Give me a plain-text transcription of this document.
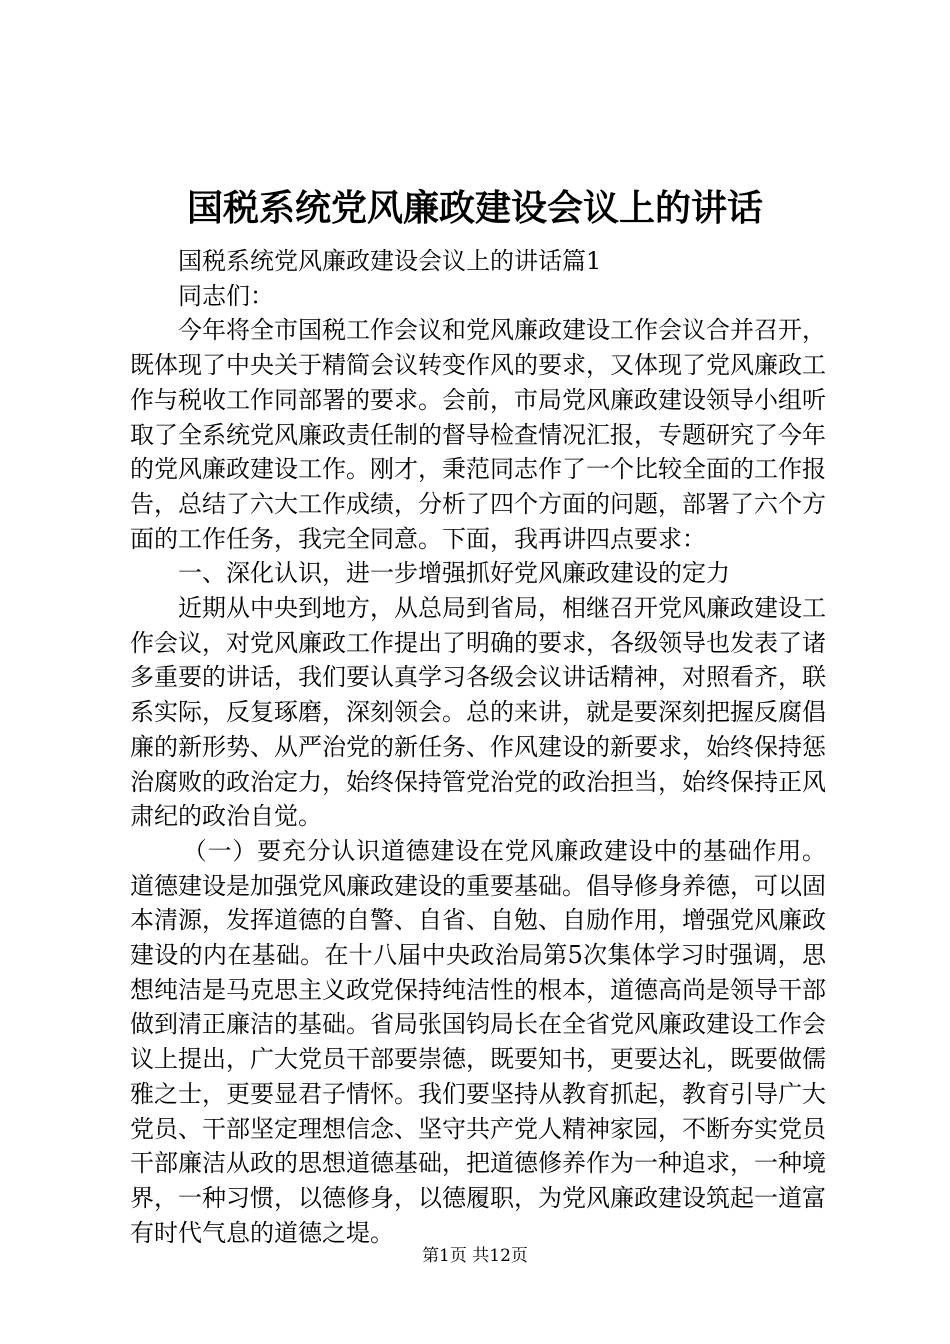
国税系统党风廉政建设会议上的讲话

国税系统党风廉政建设会议上的讲话篇1

同志们：

今年将全市国税工作会议和党风廉政建设工作会议合并召开，既体现了中央关于精简会议转变作风的要求，又体现了党风廉政工作与税收工作同部署的要求。会前，市局党风廉政建设领导小组听取了全系统党风廉政责任制的督导检查情况汇报，专题研究了今年的党风廉政建设工作。刚才，秉范同志作了一个比较全面的工作报告，总结了六大工作成绩，分析了四个方面的问题，部署了六个方面的工作任务，我完全同意。下面，我再讲四点要求：

一、深化认识，进一步增强抓好党风廉政建设的定力

近期从中央到地方，从总局到省局，相继召开党风廉政建设工作会议，对党风廉政工作提出了明确的要求，各级领导也发表了诸多重要的讲话，我们要认真学习各级会议讲话精神，对照看齐，联系实际，反复琢磨，深刻领会。总的来讲，就是要深刻把握反腐倡廉的新形势、从严治党的新任务、作风建设的新要求，始终保持惩治腐败的政治定力，始终保持管党治党的政治担当，始终保持正风肃纪的政治自觉。

（一）要充分认识道德建设在党风廉政建设中的基础作用。道德建设是加强党风廉政建设的重要基础。倡导修身养德，可以固本清源，发挥道德的自警、自省、自勉、自励作用，增强党风廉政建设的内在基础。在十八届中央政治局第5次集体学习时强调，思想纯洁是马克思主义政党保持纯洁性的根本，道德高尚是领导干部做到清正廉洁的基础。省局张国钧局长在全省党风廉政建设工作会议上提出，广大党员干部要崇德，既要知书，更要达礼，既要做儒雅之士，更要显君子情怀。我们要坚持从教育抓起，教育引导广大党员、干部坚定理想信念、坚守共产党人精神家园，不断夯实党员干部廉洁从政的思想道德基础，把道德修养作为一种追求，一种境界，一种习惯，以德修身，以德履职，为党风廉政建设筑起一道富有时代气息的道德之堤。

第1页 共12页
